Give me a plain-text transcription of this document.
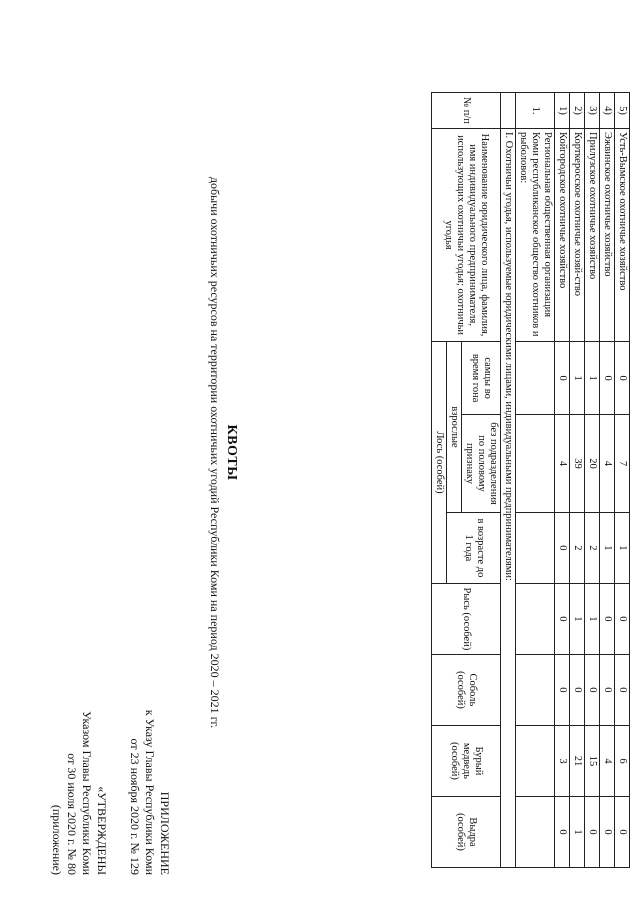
ПРИЛОЖЕНИЕ
к Указу Главы Республики Коми
от 23 ноября 2020 г. № 129
«УТВЕРЖДЕНЫ
Указом Главы Республики Коми
от 30 июля 2020 г. № 80
(приложение)
КВОТЫ
добычи охотничьих ресурсов на территории охотничьих угодий Республики Коми на период 2020 – 2021 гг.
№ п/п	Наименование юридического лица, фамилия, имя индивидуального предпринимателя, использующих охотничьи угодья; охотничьи угодья	Лось (особей)			Рысь (особей)	Соболь (особей)	Бурый медведь (особей)	Выдра (особей)
		взрослые		в возрасте до 1 года				
		самцы во время гона	без подразделения по половому признаку					
	I. Охотничьи угодья, используемые юридическими лицами, индивидуальными предпринимателями:							
1.	Региональная общественная организация Коми республиканское общество охотников и рыболовов:							
1)	Койгородское охотничье хозяйство	0	4	0	0	0	3	0
2)	Корткеросское охотничье хозяй-ство	1	39	2	1	0	21	1
3)	Прилузское охотничье хозяйство	1	20	2	1	0	15	0
4)	Эжвинское охотничье хозяйство	0	4	1	0	0	4	0
5)	Усть-Вымское охотничье хозяйство	0	7	1	0	0	6	0
